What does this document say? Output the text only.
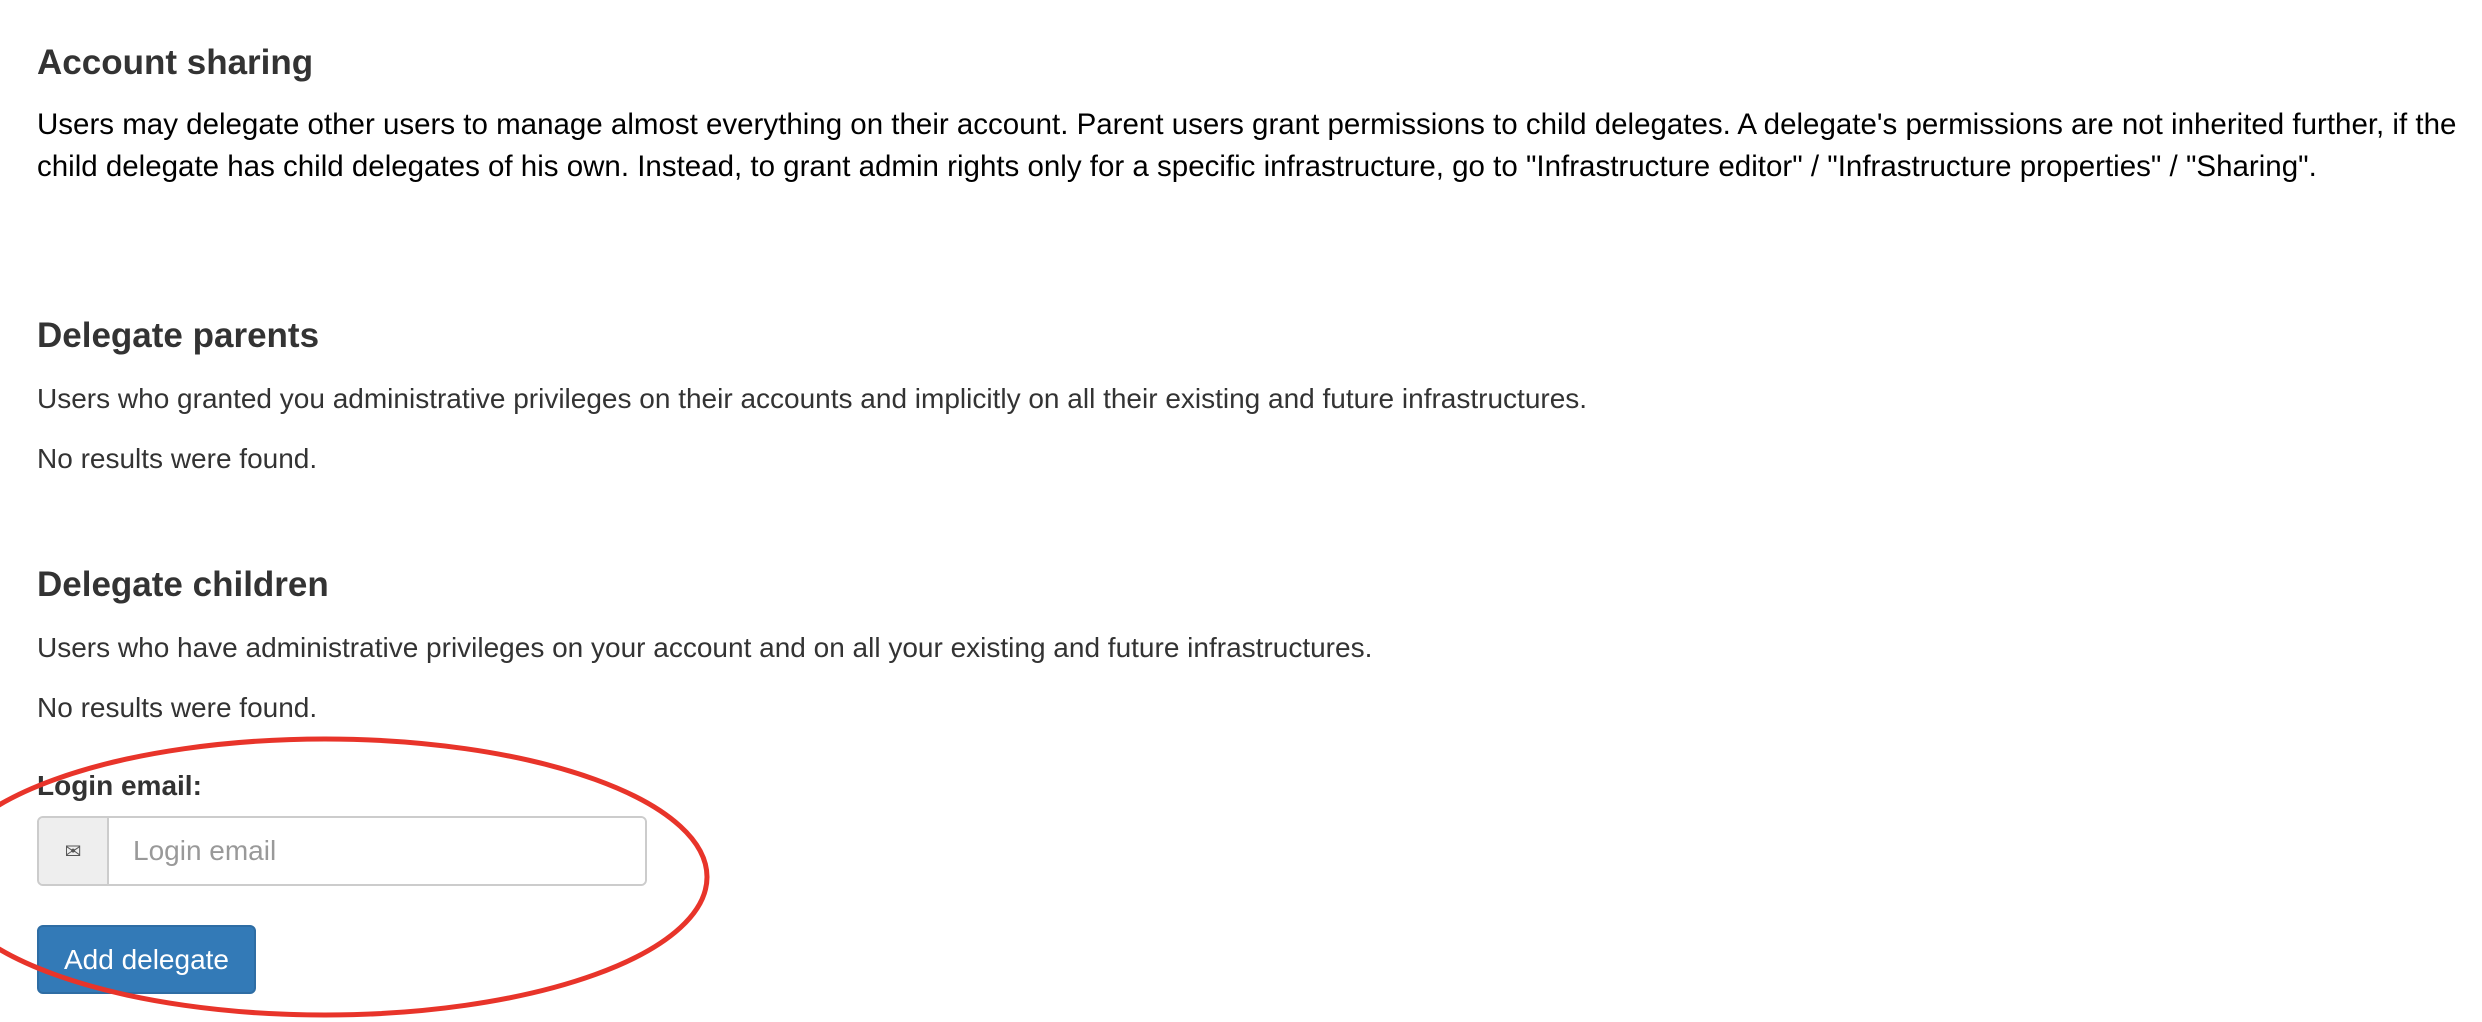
Account sharing

Users may delegate other users to manage almost everything on their account. Parent users grant permissions to child delegates. A delegate's permissions are not inherited further, if the child delegate has child delegates of his own. Instead, to grant admin rights only for a specific infrastructure, go to "Infrastructure editor" / "Infrastructure properties" / "Sharing".

Delegate parents

Users who granted you administrative privileges on their accounts and implicitly on all their existing and future infrastructures.

No results were found.

Delegate children

Users who have administrative privileges on your account and on all your existing and future infrastructures.

No results were found.

Login email:
✉
Login email
Add delegate
